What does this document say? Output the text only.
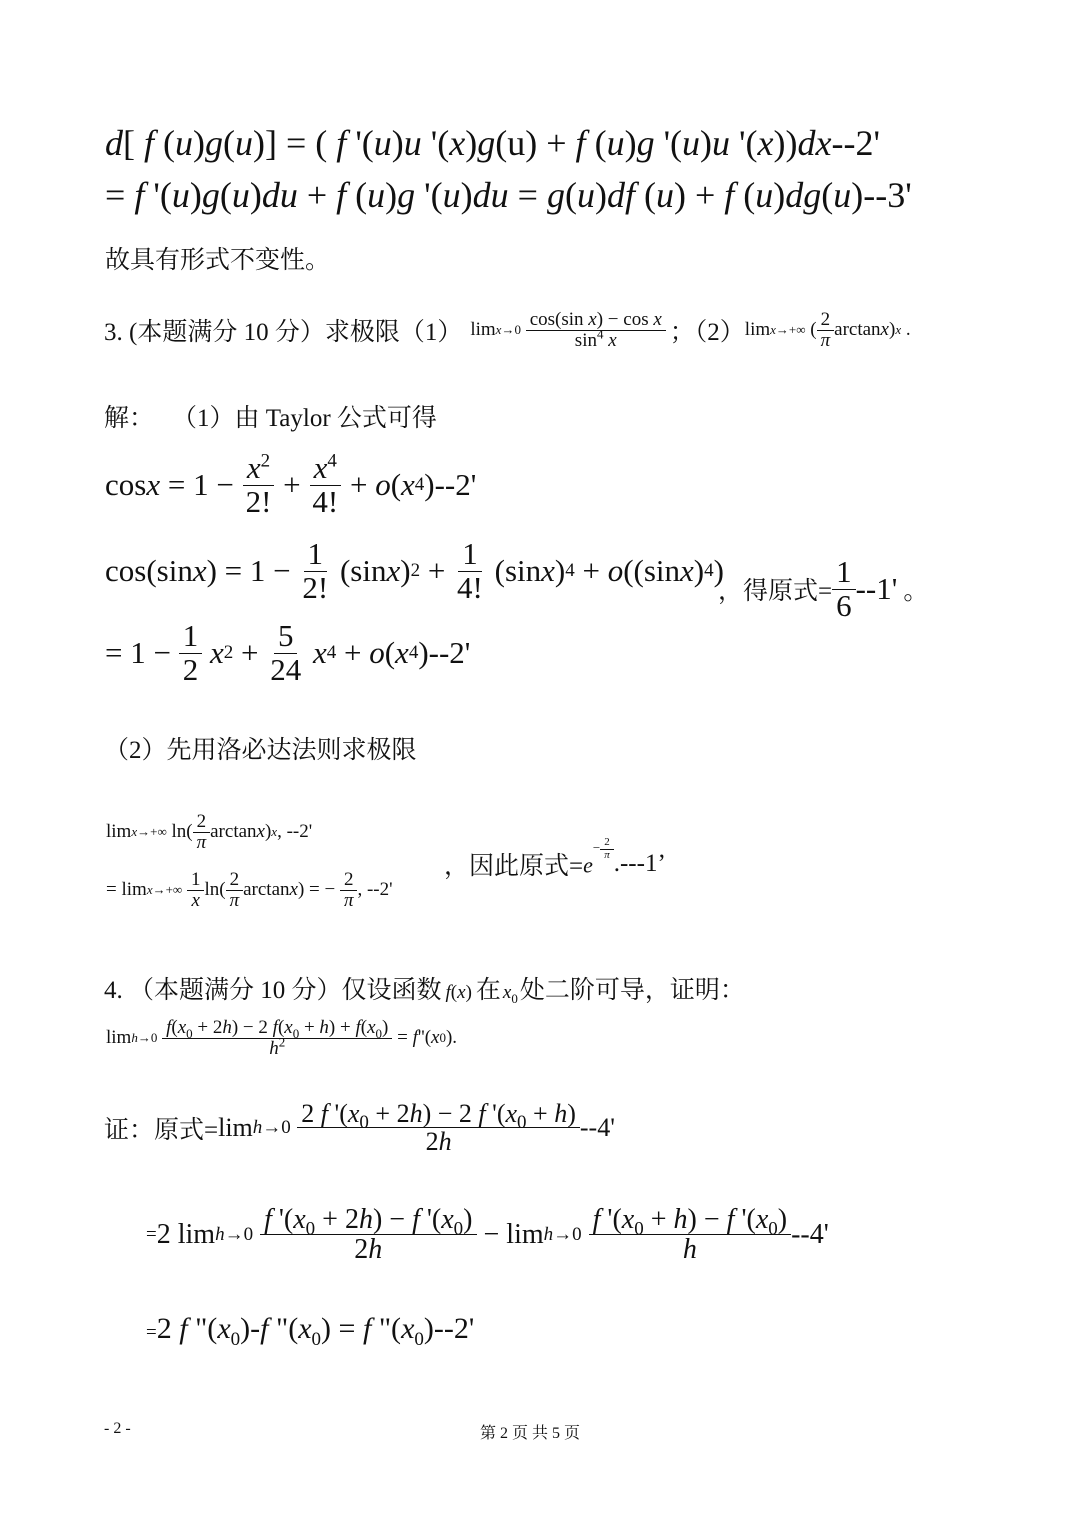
d[ f (u)g(u)] = ( f '(u)u '(x)g(u) + f (u)g '(u)u '(x))dx--2'
= f '(u)g(u)du + f (u)g '(u)du = g(u)df (u) + f (u)dg(u)--3'
故具有形式不变性。
3. (本题满分 10 分）求极限（1） lim x→0
$\frac{\text{cos(sin x) − cos x}}{\sin^4 x}$ ；（2） lim x→+∞ ( $\frac{2}{\pi}$ arctan x ) x .
解： （1）由 Taylor 公式可得
$\cos x = 1 - \frac{x^2}{2!} + \frac{x^4}{4!} + o$ ( x 4 ) --2'
cos(sin x ) = $1 - \frac{1}{2!} (\sin$ x ) $2 + \frac{1}{4!} (\sin$ x ) 4 + o ((sin x ) 4 )
，得原式= $\frac{1}{6} --1'$ 。
= $1 - \frac{1}{2}$
x $2 + \frac{5}{24}$
x 4 + o ( x 4 ) --2'
（2）先用洛必达法则求极限
lim x→+∞ $\ln( \frac{2}{\pi}$ arctan x ) x , --2'
= lim x→+∞
$\frac{1}{x} \ln( \frac{2}{\pi}$ arctan x ) = − $\frac{2}{\pi}$ , --2'
，因此原式= $e^{- \frac{2}{\pi}}$
.---1’
4. （本题满分 10 分）仅设函数 f(x) 在 $x_0$ 处二阶可导，证明：
lim h→0
$\frac{f(x_0 + 2h) - 2 f(x_0 + h) + f(x_0)}{h^2} = f$ ''( x 0 ).
证：原式= lim h→0
$\frac{2 f '(x_0 + 2h) - 2 f '(x_0 + h)}{2h} --4'$
= 2 lim h→0
$\frac{f '(x_0 + 2h) - f '(x_0)}{2h} - \lim h\to 0$
$\frac{f '(x_0 + h) - f '(x_0)}{h} --4'$
=2 f "$(x_0)-f$ "$(x_0) = f$ "$(x_0)--2'$
- 2 -	第 2 页 共 5 页
